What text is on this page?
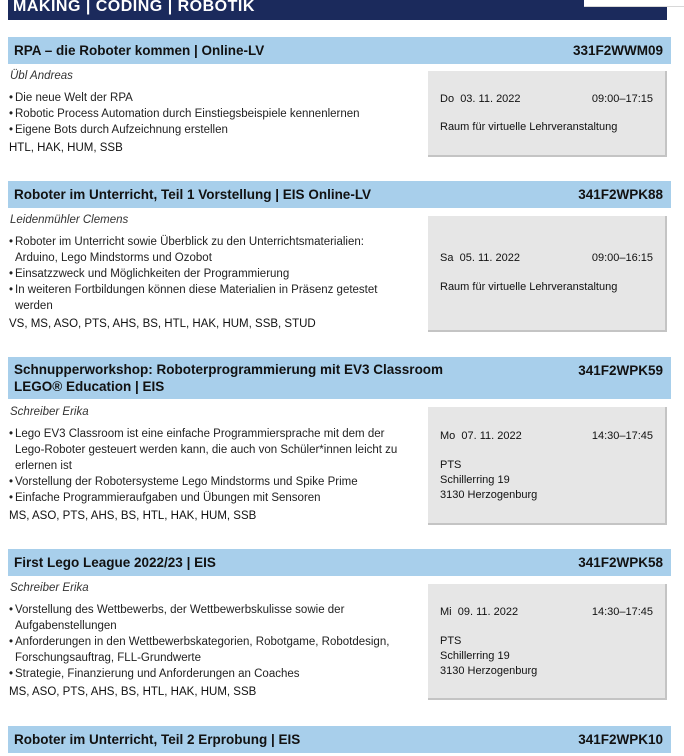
MAKING | CODING | ROBOTIK
RPA – die Roboter kommen | Online-LV	331F2WWM09
Übl Andreas
• Die neue Welt der RPA
• Robotic Process Automation durch Einstiegsbeispiele kennenlernen
• Eigene Bots durch Aufzeichnung erstellen
HTL, HAK, HUM, SSB
Do 03. 11. 2022	09:00–17:15
Raum für virtuelle Lehrveranstaltung
Roboter im Unterricht, Teil 1 Vorstellung | EIS Online-LV	341F2WPK88
Leidenmühler Clemens
• Roboter im Unterricht sowie Überblick zu den Unterrichtsmaterialien: Arduino, Lego Mindstorms und Ozobot
• Einsatzzweck und Möglichkeiten der Programmierung
• In weiteren Fortbildungen können diese Materialien in Präsenz getestet werden
VS, MS, ASO, PTS, AHS, BS, HTL, HAK, HUM, SSB, STUD
Sa 05. 11. 2022	09:00–16:15
Raum für virtuelle Lehrveranstaltung
Schnupperworkshop: Roboterprogrammierung mit EV3 Classroom LEGO® Education | EIS
341F2WPK59
Schreiber Erika
• Lego EV3 Classroom ist eine einfache Programmiersprache mit dem der Lego-Roboter gesteuert werden kann, die auch von Schüler*innen leicht zu erlernen ist
• Vorstellung der Robotersysteme Lego Mindstorms und Spike Prime
• Einfache Programmieraufgaben und Übungen mit Sensoren
MS, ASO, PTS, AHS, BS, HTL, HAK, HUM, SSB
Mo 07. 11. 2022	14:30–17:45
PTS
Schillerring 19
3130 Herzogenburg
First Lego League 2022/23 | EIS	341F2WPK58
Schreiber Erika
• Vorstellung des Wettbewerbs, der Wettbewerbskulisse sowie der Aufgabenstellungen
• Anforderungen in den Wettbewerbskategorien, Robotgame, Robotdesign, Forschungsauftrag, FLL-Grundwerte
• Strategie, Finanzierung und Anforderungen an Coaches
MS, ASO, PTS, AHS, BS, HTL, HAK, HUM, SSB
Mi 09. 11. 2022	14:30–17:45
PTS
Schillerring 19
3130 Herzogenburg
Roboter im Unterricht, Teil 2 Erprobung | EIS	341F2WPK10
